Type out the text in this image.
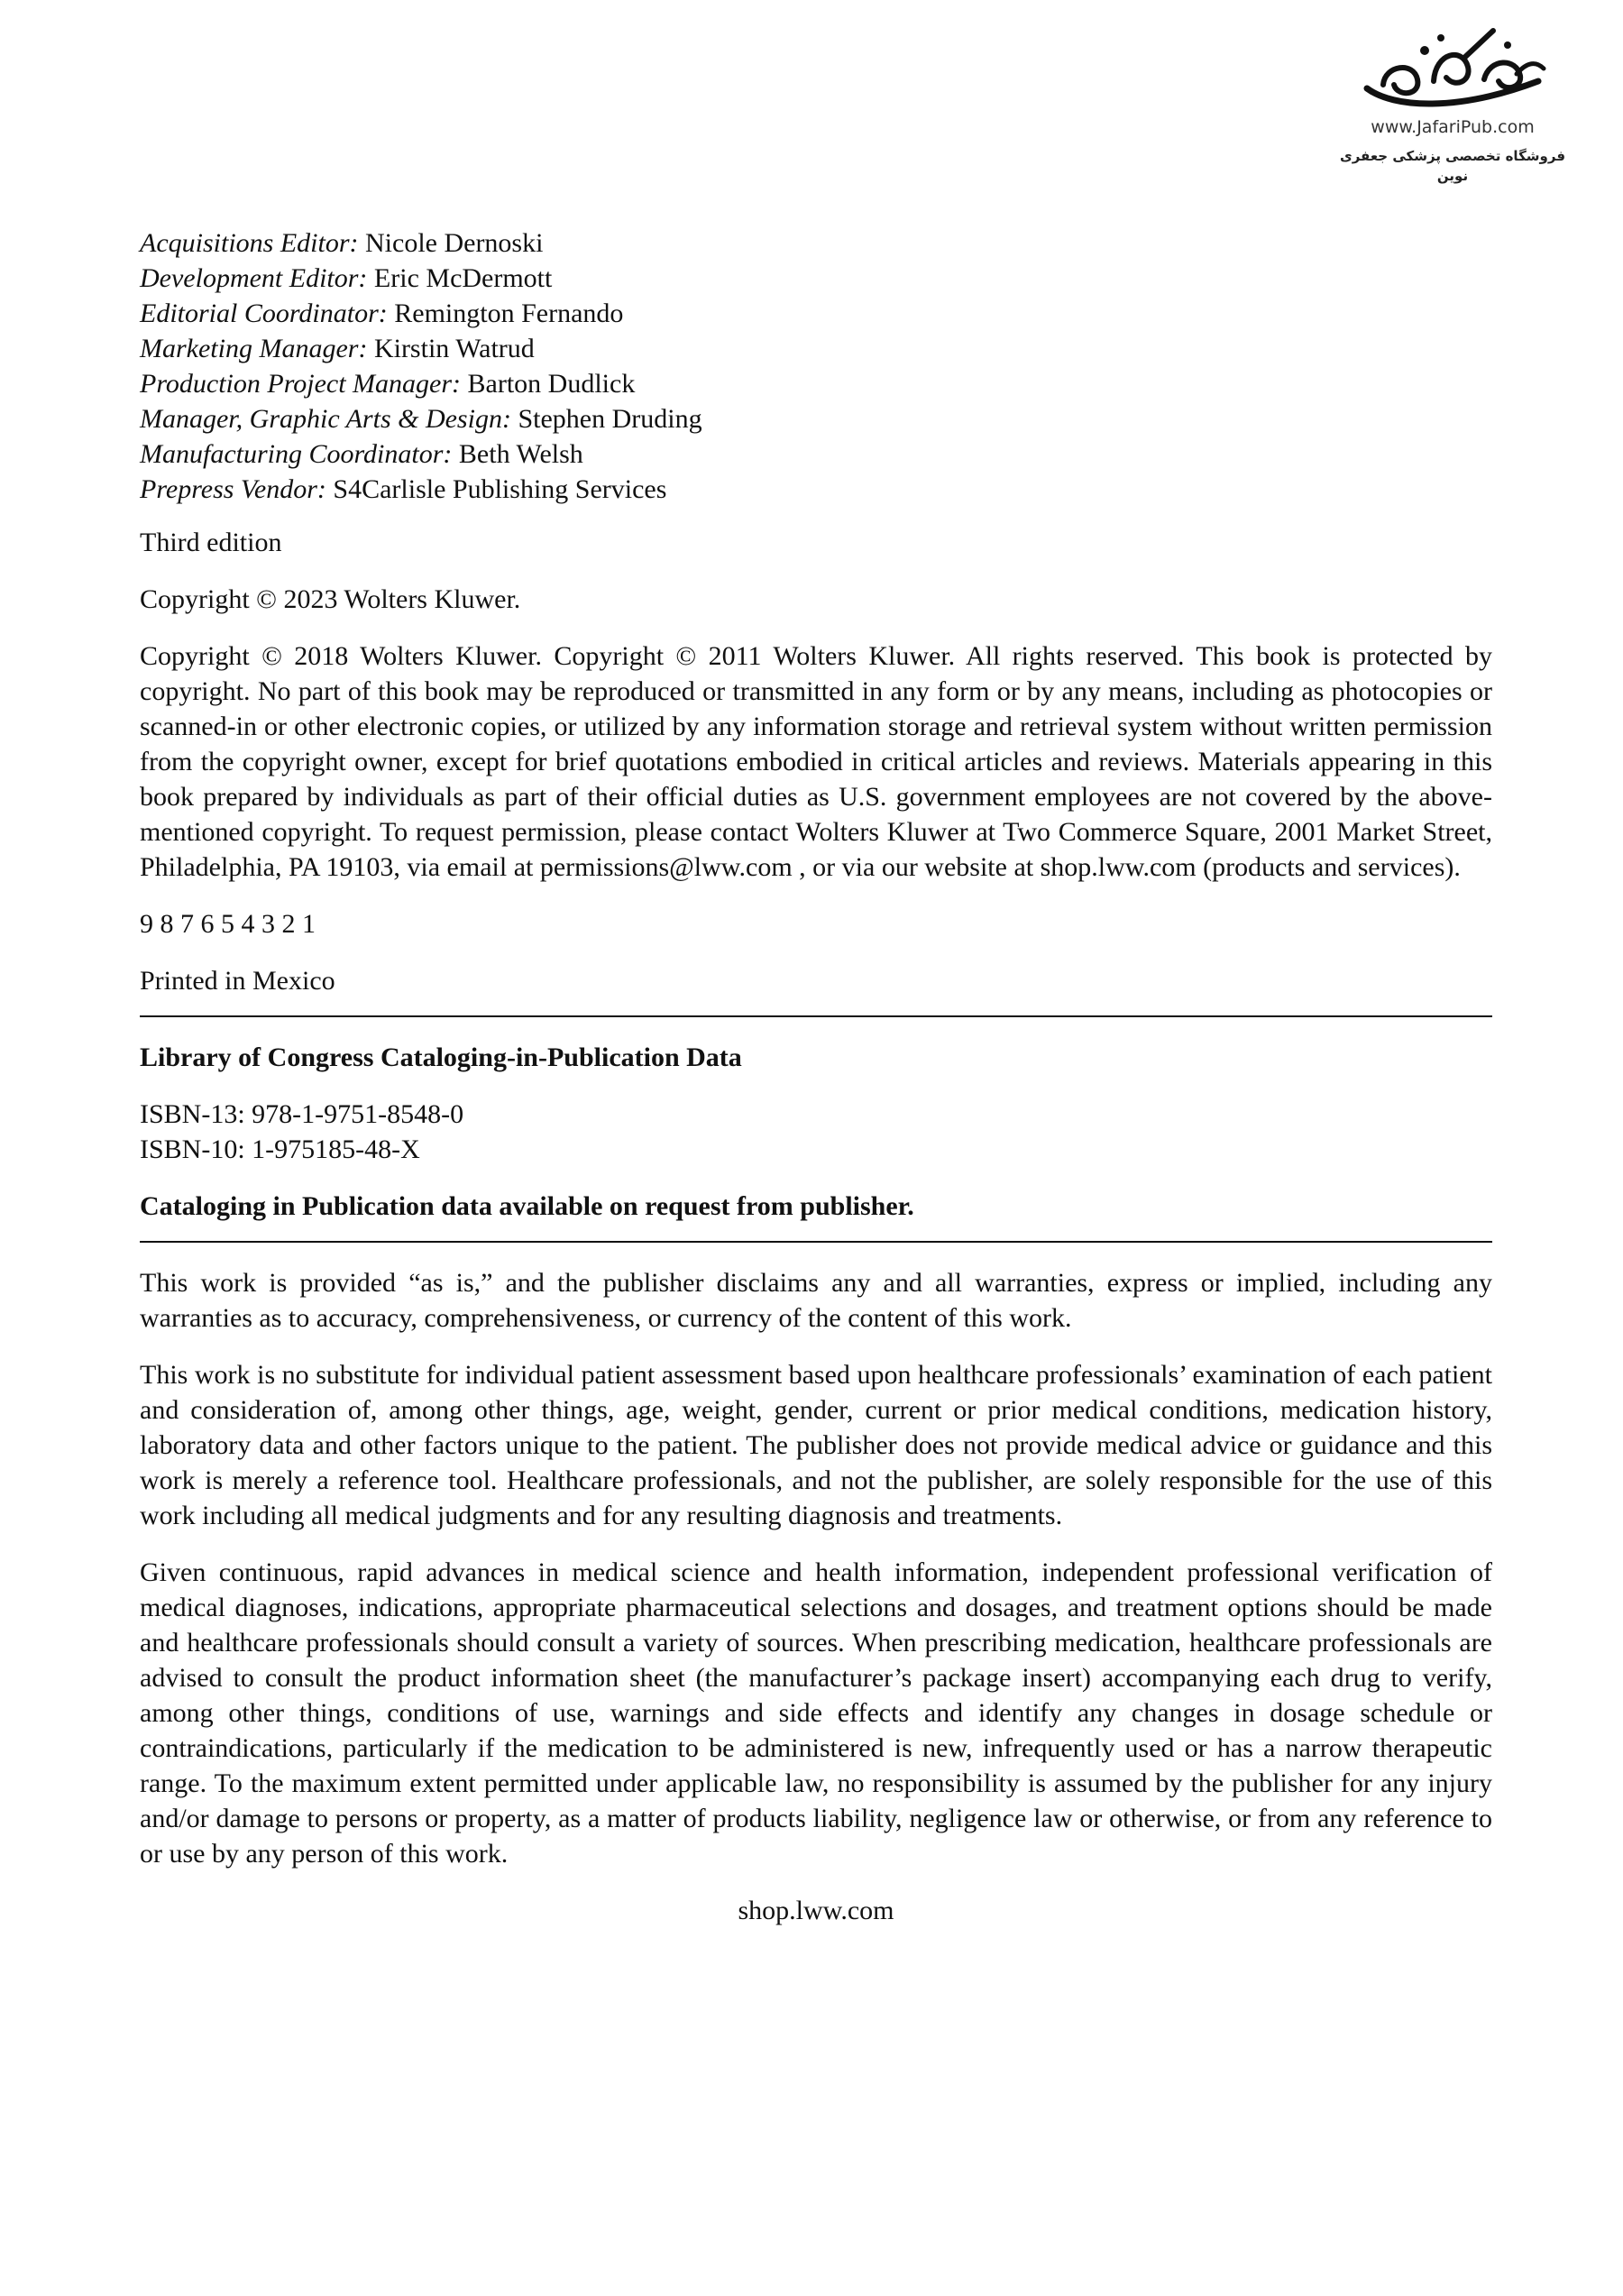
www.JafariPub.com
فروشگاه تخصصی پزشکی جعفری نوین
Acquisitions Editor: Nicole Dernoski
Development Editor: Eric McDermott
Editorial Coordinator: Remington Fernando
Marketing Manager: Kirstin Watrud
Production Project Manager: Barton Dudlick
Manager, Graphic Arts & Design: Stephen Druding
Manufacturing Coordinator: Beth Welsh
Prepress Vendor: S4Carlisle Publishing Services

Third edition

Copyright © 2023 Wolters Kluwer.

Copyright © 2018 Wolters Kluwer. Copyright © 2011 Wolters Kluwer. All rights reserved. This book is protected by copyright. No part of this book may be reproduced or transmitted in any form or by any means, including as photocopies or scanned-in or other electronic copies, or utilized by any information storage and retrieval system without written permission from the copyright owner, except for brief quotations embodied in critical articles and reviews. Materials appearing in this book prepared by individuals as part of their official duties as U.S. government employees are not covered by the above-mentioned copyright. To request permission, please contact Wolters Kluwer at Two Commerce Square, 2001 Market Street, Philadelphia, PA 19103, via email at permissions@lww.com , or via our website at shop.lww.com (products and services).

9 8 7 6 5 4 3 2 1

Printed in Mexico

Library of Congress Cataloging-in-Publication Data

ISBN-13: 978-1-9751-8548-0

ISBN-10: 1-975185-48-X

Cataloging in Publication data available on request from publisher.

This work is provided “as is,” and the publisher disclaims any and all warranties, express or implied, including any warranties as to accuracy, comprehensiveness, or currency of the content of this work.

This work is no substitute for individual patient assessment based upon healthcare professionals’ examination of each patient and consideration of, among other things, age, weight, gender, current or prior medical conditions, medication history, laboratory data and other factors unique to the patient. The publisher does not provide medical advice or guidance and this work is merely a reference tool. Healthcare professionals, and not the publisher, are solely responsible for the use of this work including all medical judgments and for any resulting diagnosis and treatments.

Given continuous, rapid advances in medical science and health information, independent professional verification of medical diagnoses, indications, appropriate pharmaceutical selections and dosages, and treatment options should be made and healthcare professionals should consult a variety of sources. When prescribing medication, healthcare professionals are advised to consult the product information sheet (the manufacturer’s package insert) accompanying each drug to verify, among other things, conditions of use, warnings and side effects and identify any changes in dosage schedule or contraindications, particularly if the medication to be administered is new, infrequently used or has a narrow therapeutic range. To the maximum extent permitted under applicable law, no responsibility is assumed by the publisher for any injury and/or damage to persons or property, as a matter of products liability, negligence law or otherwise, or from any reference to or use by any person of this work.

shop.lww.com
